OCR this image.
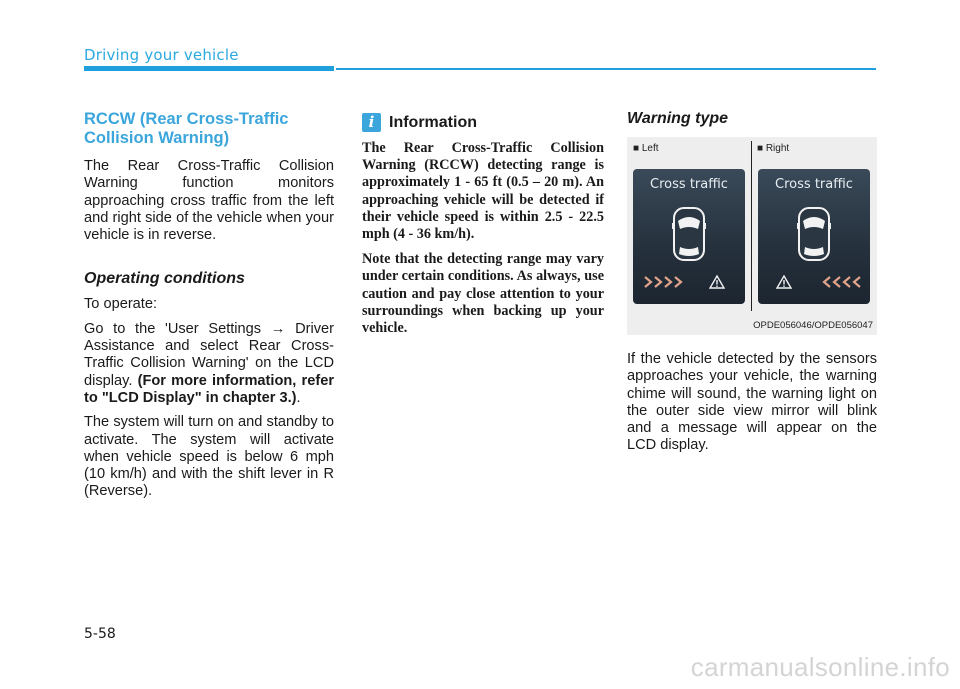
Driving your vehicle
RCCW (Rear Cross-Traffic Collision Warning)

The Rear Cross-Traffic Collision Warning function monitors approaching cross traffic from the left and right side of the vehicle when your vehicle is in reverse.

Operating conditions

To operate:

Go to the 'User Settings → Driver Assistance and select Rear Cross-Traffic Collision Warning' on the LCD display. (For more information, refer to "LCD Display" in chapter 3.).

The system will turn on and standby to activate. The system will activate when vehicle speed is below 6 mph (10 km/h) and with the shift lever in R (Reverse).

i Information

The Rear Cross-Traffic Collision Warning (RCCW) detecting range is approximately 1 - 65 ft (0.5 – 20 m). An approaching vehicle will be detected if their vehicle speed is within 2.5 - 22.5 mph (4 - 36 km/h).

Note that the detecting range may vary under certain conditions. As always, use caution and pay close attention to your surroundings when backing up your vehicle.

Warning type
■ Left	■ Right
Cross traffic	Cross traffic
OPDE056046/OPDE056047

If the vehicle detected by the sensors approaches your vehicle, the warning chime will sound, the warning light on the outer side view mirror will blink and a message will appear on the LCD display.

5-58
carmanualsonline.info
